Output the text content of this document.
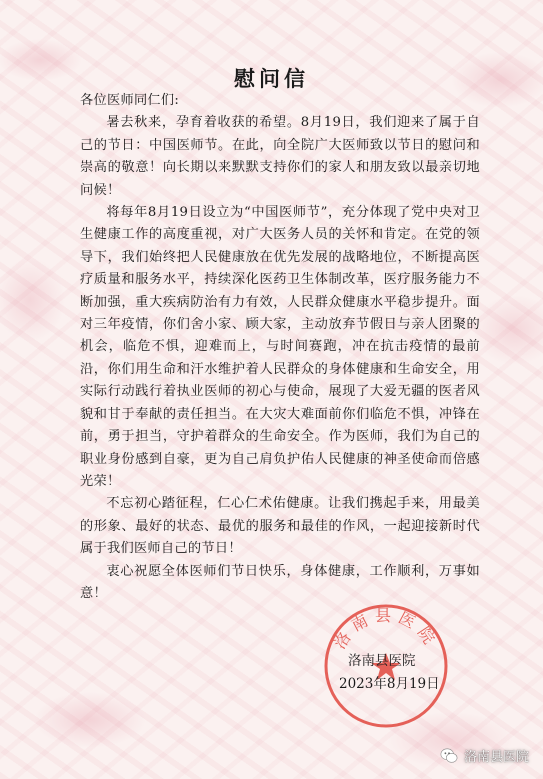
慰问信

各位医师同仁们:

暑去秋来，孕育着收获的希望。8月19日，我们迎来了属于自己的节日：中国医师节。在此，向全院广大医师致以节日的慰问和崇高的敬意！向长期以来默默支持你们的家人和朋友致以最亲切地问候！

将每年8月19日设立为“中国医师节”，充分体现了党中央对卫生健康工作的高度重视，对广大医务人员的关怀和肯定。在党的领导下，我们始终把人民健康放在优先发展的战略地位，不断提高医疗质量和服务水平，持续深化医药卫生体制改革，医疗服务能力不断加强，重大疾病防治有力有效，人民群众健康水平稳步提升。面对三年疫情，你们舍小家、顾大家，主动放弃节假日与亲人团聚的机会，临危不惧，迎难而上，与时间赛跑，冲在抗击疫情的最前沿，你们用生命和汗水维护着人民群众的身体健康和生命安全，用实际行动践行着执业医师的初心与使命，展现了大爱无疆的医者风貌和甘于奉献的责任担当。在大灾大难面前你们临危不惧，冲锋在前，勇于担当，守护着群众的生命安全。作为医师，我们为自己的职业身份感到自豪，更为自己肩负护佑人民健康的神圣使命而倍感光荣！

不忘初心踏征程，仁心仁术佑健康。让我们携起手来，用最美的形象、最好的状态、最优的服务和最佳的作风，一起迎接新时代属于我们医师自己的节日！

衷心祝愿全体医师们节日快乐，身体健康，工作顺利，万事如意！

洛南县医院
洛南县医院
2023年8月19日
洛南县医院
